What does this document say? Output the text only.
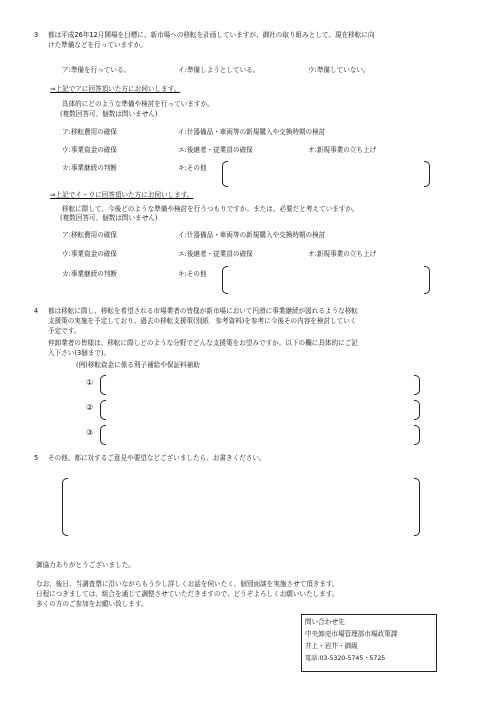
3 都は平成26年12月開場を目標に、新市場への移転を計画していますが、御社の取り組みとして、現在移転に向
けた準備などを行っていますか。
ア:準備を行っている。	イ:準備しようとしている。	ウ:準備していない。
⇒上記でアに回答頂いた方にお伺いします。
具体的にどのような準備や検討を行っていますか。
(複数回答可、個数は問いません)
ア:移転費用の確保	イ:什器備品・車両等の新規購入や交換時期の検討
ウ:事業資金の確保	エ:後継者・従業員の確保	オ:新規事業の立ち上げ
カ:事業継続の判断	キ:その他
⇒上記でイ・ウに回答頂いた方にお伺いします。
移転に際して、今後どのような準備や検討を行うつもりですか。または、必要だと考えていますか。
(複数回答可、個数は問いません)
ア:移転費用の確保	イ:什器備品・車両等の新規購入や交換時期の検討
ウ:事業資金の確保	エ:後継者・従業員の確保	オ:新規事業の立ち上げ
カ:事業継続の判断	キ:その他
4 都は移転に際し、移転を希望される市場業者の皆様が新市場において円滑に事業継続が図れるような移転
支援策の実施を予定しており、過去の移転支援策(別紙　参考資料)を参考に今後その内容を検討していく
予定です。
仲卸業者の皆様は、移転に際しどのような分野でどんな支援策をお望みですか。以下の欄に具体的にご記
入下さい(3個まで)。
(例)移転資金に係る利子補給や保証料補助
①
②
③
5 その他、都に対するご意見や要望などございましたら、お書きください。
御協力ありがとうございました。
なお、後日、当調査票に沿いながらもう少し詳しくお話を伺いたく、個別面談を実施させて頂きます。
日程につきましては、組合を通じて調整させていただきますので、どうぞよろしくお願いいたします。
多くの方のご参加をお願い致します。
問い合わせ先
中央卸売市場管理部市場政策課
井上・岩井・御級
電話:03-5320-5745・5725
